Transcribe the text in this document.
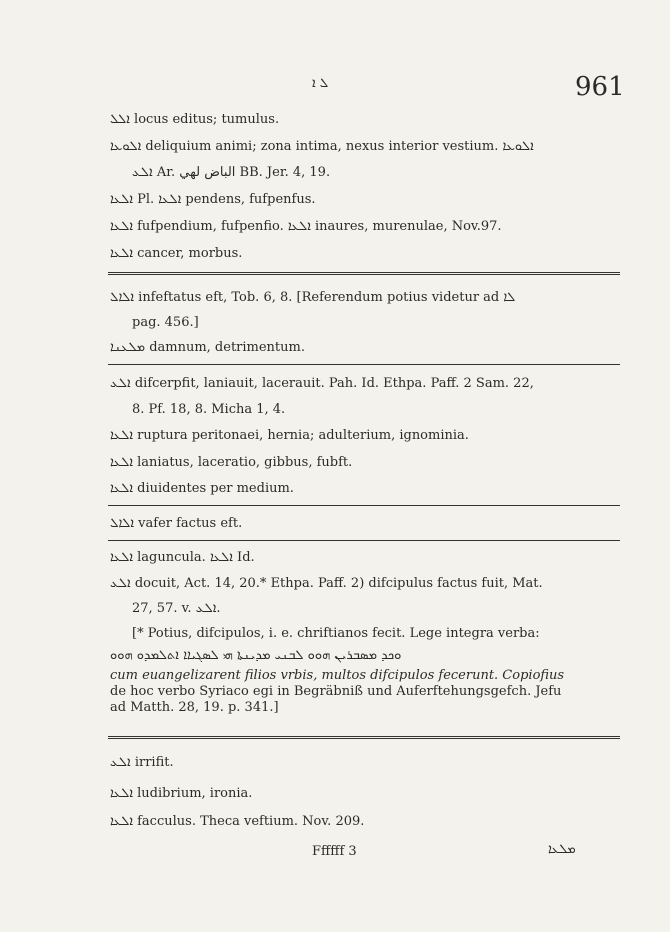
ܠ ܐ	961
ܐܠܠ locus editus; tumulus.
ܐܠܘܥܐ deliquium animi; zona intima, nexus interior vestium. ܐܠܘܥܐ
ܐܠܥ Ar. الباض لهي BB. Jer. 4, 19.
ܐܠܥܐ Pl. ܐܠܥܐ pendens, fufpenfus.
ܐܠܥܐ fufpendium, fufpenfio. ܐܠܥܐ inaures, murenulae, Nov.97.
ܐܠܥܐ cancer, morbus.
ܐܠܐܠ infeftatus eft, Tob. 6, 8. [Referendum potius videtur ad ܠܐ
pag. 456.]
ܡܠܥܢܐ damnum, detrimentum.
ܐܠܥ difcerpfit, laniauit, lacerauit. Pah. Id. Ethpa. Paff. 2 Sam. 22,
8. Pf. 18, 8. Micha 1, 4.
ܐܠܥܐ ruptura peritonaei, hernia; adulterium, ignominia.
ܐܠܥܐ laniatus, laceratio, gibbus, fubft.
ܐܠܥܐ diuidentes per medium.
ܐܠܐܠ vafer factus eft.
ܐܠܥܐ laguncula. ܐܠܥܐ Id.
ܐܠܥ docuit, Act. 14, 20.* Ethpa. Paff. 2) difcipulus factus fuit, Mat.
27, 57. v. ܐܠܥ.
[* Potius, difcipulos, i. e. chriftianos fecit. Lege integra verba:
ܘܟܕ ܡܣܒܪܝܢ ܗܘܘ ܠܒܢܝ ܡܕܝܢܬܐ ܗܝ ܠܣܓܝܐܐ ܐܬܠܡܕܘ ܗܘܘ
cum euangelizarent filios vrbis, multos difcipulos fecerunt. Copiofius
de hoc verbo Syriaco egi in Begräbniß und Auferftehungsgefch. Jefu
ad Matth. 28, 19. p. 341.]
ܐܠܥ irrifit.
ܐܠܥܐ ludibrium, ironia.
ܐܠܥܐ facculus. Theca veftium. Nov. 209.
Ffffff 3	ܡܠܥܐ
